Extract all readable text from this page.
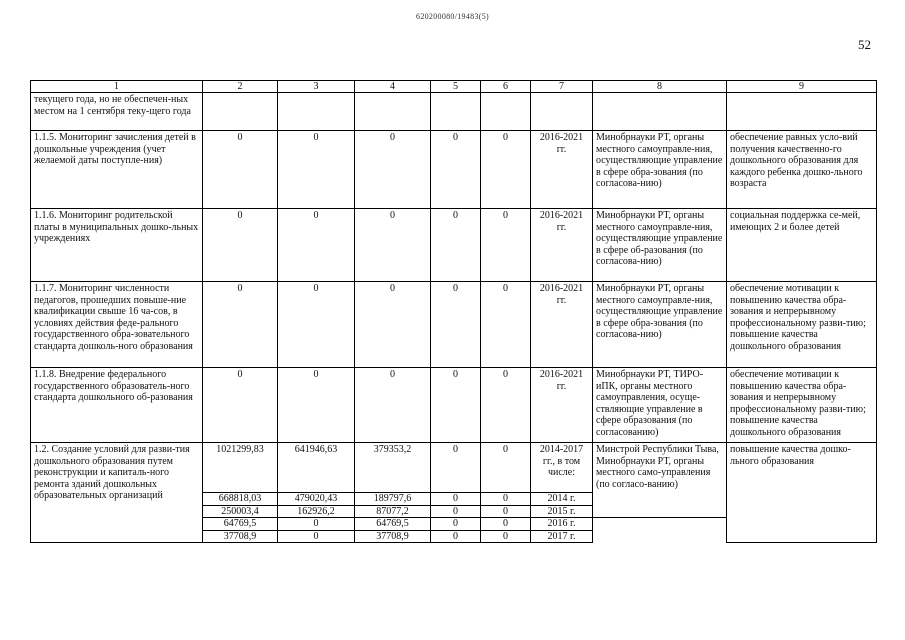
620200080/19483(5)
52
1	2	3	4	5	6	7	8	9
текущего года, но не обеспечен-ных местом на 1 сентября теку-щего года								
1.1.5. Мониторинг зачисления детей в дошкольные учреждения (учет желаемой даты поступле-ния)	0	0	0	0	0	2016-2021 гг.	Минобрнауки РТ, органы местного самоуправле-ния, осуществляющие управление в сфере обра-зования (по согласова-нию)	обеспечение равных усло-вий получения качественно-го дошкольного образования для каждого ребенка дошко-льного возраста
1.1.6. Мониторинг родительской платы в муниципальных дошко-льных учреждениях	0	0	0	0	0	2016-2021 гг.	Минобрнауки РТ, органы местного самоуправле-ния, осуществляющие управление в сфере об-разования (по согласова-нию)	социальная поддержка се-мей, имеющих 2 и более детей
1.1.7. Мониторинг численности педагогов, прошедших повыше-ние квалификации свыше 16 ча-сов, в условиях действия феде-рального государственного обра-зовательного стандарта дошколь-ного образования	0	0	0	0	0	2016-2021 гг.	Минобрнауки РТ, органы местного самоуправле-ния, осуществляющие управление в сфере обра-зования (по согласова-нию)	обеспечение мотивации к повышению качества обра-зования и непрерывному профессиональному разви-тию; повышение качества дошкольного образования
1.1.8. Внедрение федерального государственного образователь-ного стандарта дошкольного об-разования	0	0	0	0	0	2016-2021 гг.	Минобрнауки РТ, ТИРО-иПК, органы местного самоуправления, осуще-ствляющие управление в сфере образования (по согласованию)	обеспечение мотивации к повышению качества обра-зования и непрерывному профессиональному разви-тию; повышение качества дошкольного образования
1.2. Создание условий для разви-тия дошкольного образования путем реконструкции и капиталь-ного ремонта зданий дошкольных образовательных организаций	1021299,83	641946,63	379353,2	0	0	2014-2017 гг., в том числе:	Минстрой Республики Тыва, Минобрнауки РТ, органы местного само-управления (по согласо-ванию)	повышение качества дошко-льного образования
	668818,03	479020,43	189797,6	0	0	2014 г.		
	250003,4	162926,2	87077,2	0	0	2015 г.		
	64769,5	0	64769,5	0	0	2016 г.		
	37708,9	0	37708,9	0	0	2017 г.		
